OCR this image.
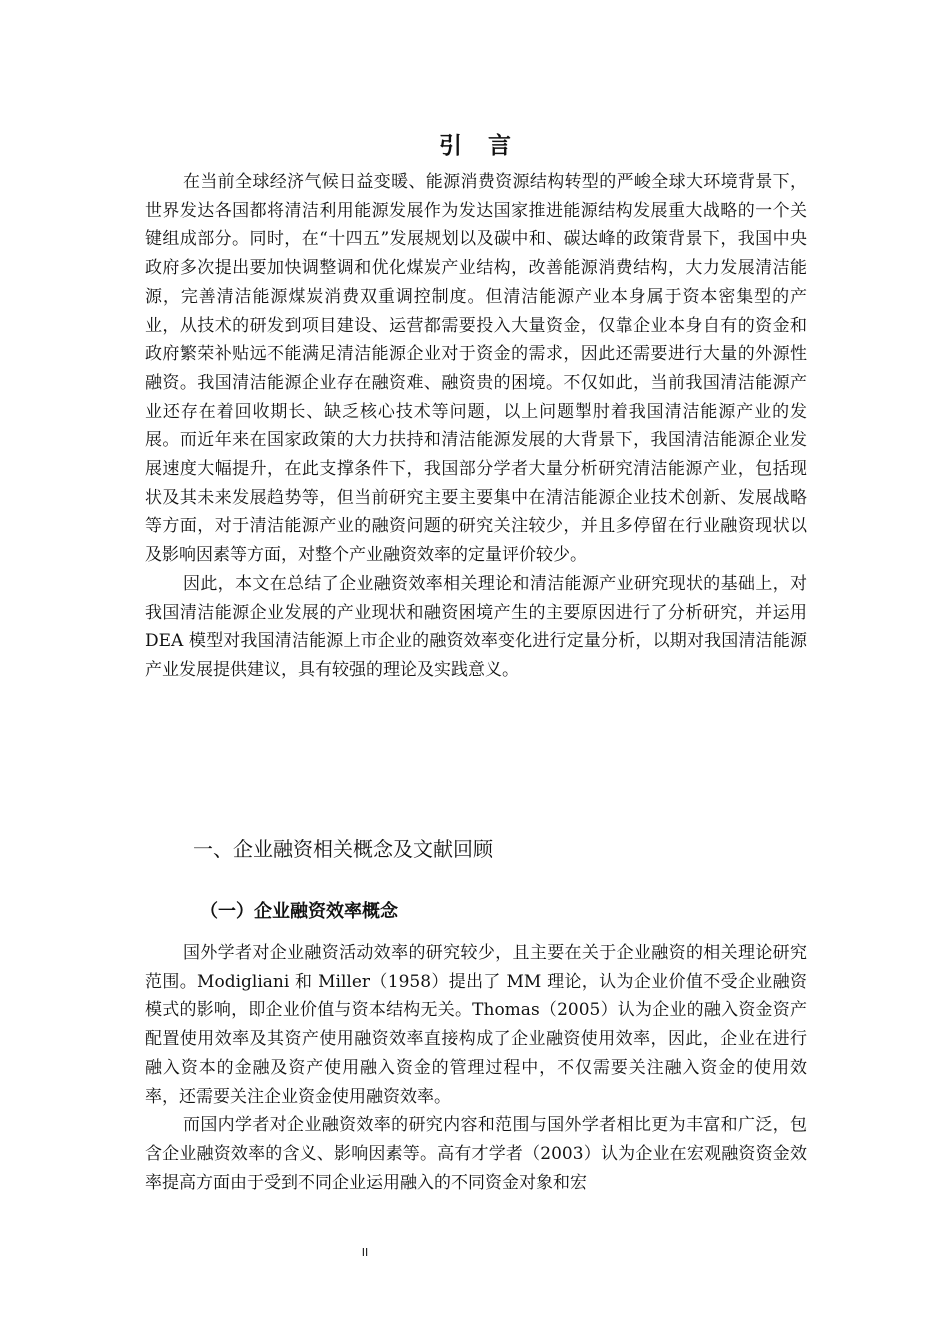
引言

在当前全球经济气候日益变暖、能源消费资源结构转型的严峻全球大环境背景下，世界发达各国都将清洁利用能源发展作为发达国家推进能源结构发展重大战略的一个关键组成部分。同时，在“十四五”发展规划以及碳中和、碳达峰的政策背景下，我国中央政府多次提出要加快调整调和优化煤炭产业结构，改善能源消费结构，大力发展清洁能源，完善清洁能源煤炭消费双重调控制度。但清洁能源产业本身属于资本密集型的产业，从技术的研发到项目建设、运营都需要投入大量资金，仅靠企业本身自有的资金和政府繁荣补贴远不能满足清洁能源企业对于资金的需求，因此还需要进行大量的外源性融资。我国清洁能源企业存在融资难、融资贵的困境。不仅如此，当前我国清洁能源产业还存在着回收期长、缺乏核心技术等问题，以上问题掣肘着我国清洁能源产业的发展。而近年来在国家政策的大力扶持和清洁能源发展的大背景下，我国清洁能源企业发展速度大幅提升，在此支撑条件下，我国部分学者大量分析研究清洁能源产业，包括现状及其未来发展趋势等，但当前研究主要主要集中在清洁能源企业技术创新、发展战略等方面，对于清洁能源产业的融资问题的研究关注较少，并且多停留在行业融资现状以及影响因素等方面，对整个产业融资效率的定量评价较少。

因此，本文在总结了企业融资效率相关理论和清洁能源产业研究现状的基础上，对我国清洁能源企业发展的产业现状和融资困境产生的主要原因进行了分析研究，并运用 DEA 模型对我国清洁能源上市企业的融资效率变化进行定量分析，以期对我国清洁能源产业发展提供建议，具有较强的理论及实践意义。

一、企业融资相关概念及文献回顾
（一）企业融资效率概念

国外学者对企业融资活动效率的研究较少，且主要在关于企业融资的相关理论研究范围。Modigliani 和 Miller（1958）提出了 MM 理论，认为企业价值不受企业融资模式的影响，即企业价值与资本结构无关。Thomas（2005）认为企业的融入资金资产配置使用效率及其资产使用融资效率直接构成了企业融资使用效率，因此，企业在进行融入资本的金融及资产使用融入资金的管理过程中，不仅需要关注融入资金的使用效率，还需要关注企业资金使用融资效率。

而国内学者对企业融资效率的研究内容和范围与国外学者相比更为丰富和广泛，包含企业融资效率的含义、影响因素等。高有才学者（2003）认为企业在宏观融资资金效率提高方面由于受到不同企业运用融入的不同资金对象和宏

II
